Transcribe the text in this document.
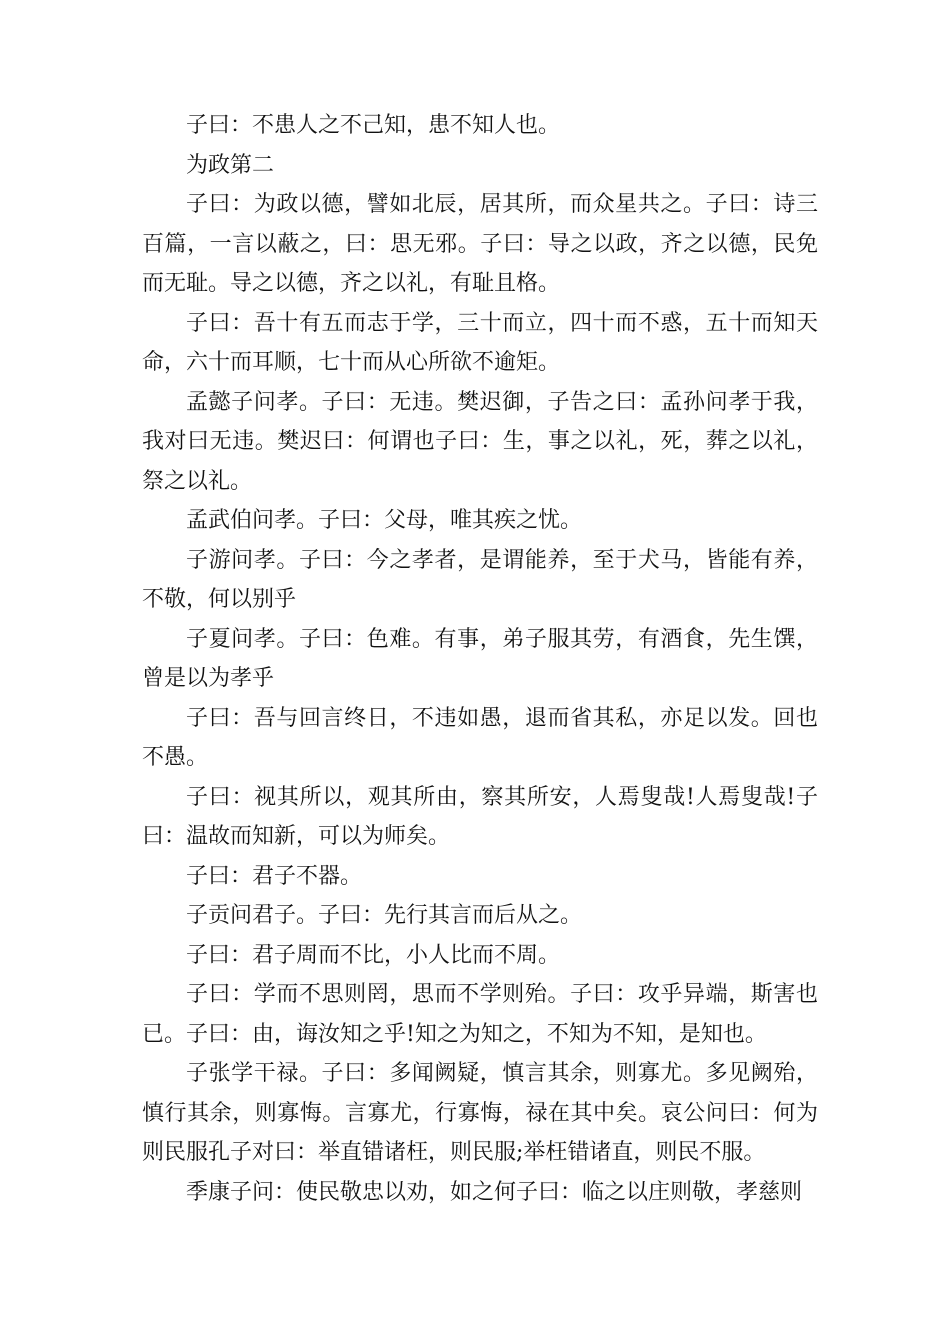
子曰：不患人之不己知，患不知人也。

为政第二

子曰：为政以德，譬如北辰，居其所，而众星共之。子曰：诗三百篇，一言以蔽之，曰：思无邪。子曰：导之以政，齐之以德，民免而无耻。导之以德，齐之以礼，有耻且格。

子曰：吾十有五而志于学，三十而立，四十而不惑，五十而知天命，六十而耳顺，七十而从心所欲不逾矩。

孟懿子问孝。子曰：无违。樊迟御，子告之曰：孟孙问孝于我，我对曰无违。樊迟曰：何谓也子曰：生，事之以礼，死，葬之以礼，祭之以礼。

孟武伯问孝。子曰：父母，唯其疾之忧。

子游问孝。子曰：今之孝者，是谓能养，至于犬马，皆能有养，不敬，何以别乎

子夏问孝。子曰：色难。有事，弟子服其劳，有酒食，先生馔，曾是以为孝乎

子曰：吾与回言终日，不违如愚，退而省其私，亦足以发。回也不愚。

子曰：视其所以，观其所由，察其所安，人焉叟哉!人焉叟哉!子曰：温故而知新，可以为师矣。

子曰：君子不器。

子贡问君子。子曰：先行其言而后从之。

子曰：君子周而不比，小人比而不周。

子曰：学而不思则罔，思而不学则殆。子曰：攻乎异端，斯害也已。子曰：由，诲汝知之乎!知之为知之，不知为不知，是知也。

子张学干禄。子曰：多闻阙疑，慎言其余，则寡尤。多见阙殆，慎行其余，则寡悔。言寡尤，行寡悔，禄在其中矣。哀公问曰：何为则民服孔子对曰：举直错诸枉，则民服;举枉错诸直，则民不服。

季康子问：使民敬忠以劝，如之何子曰：临之以庄则敬，孝慈则
